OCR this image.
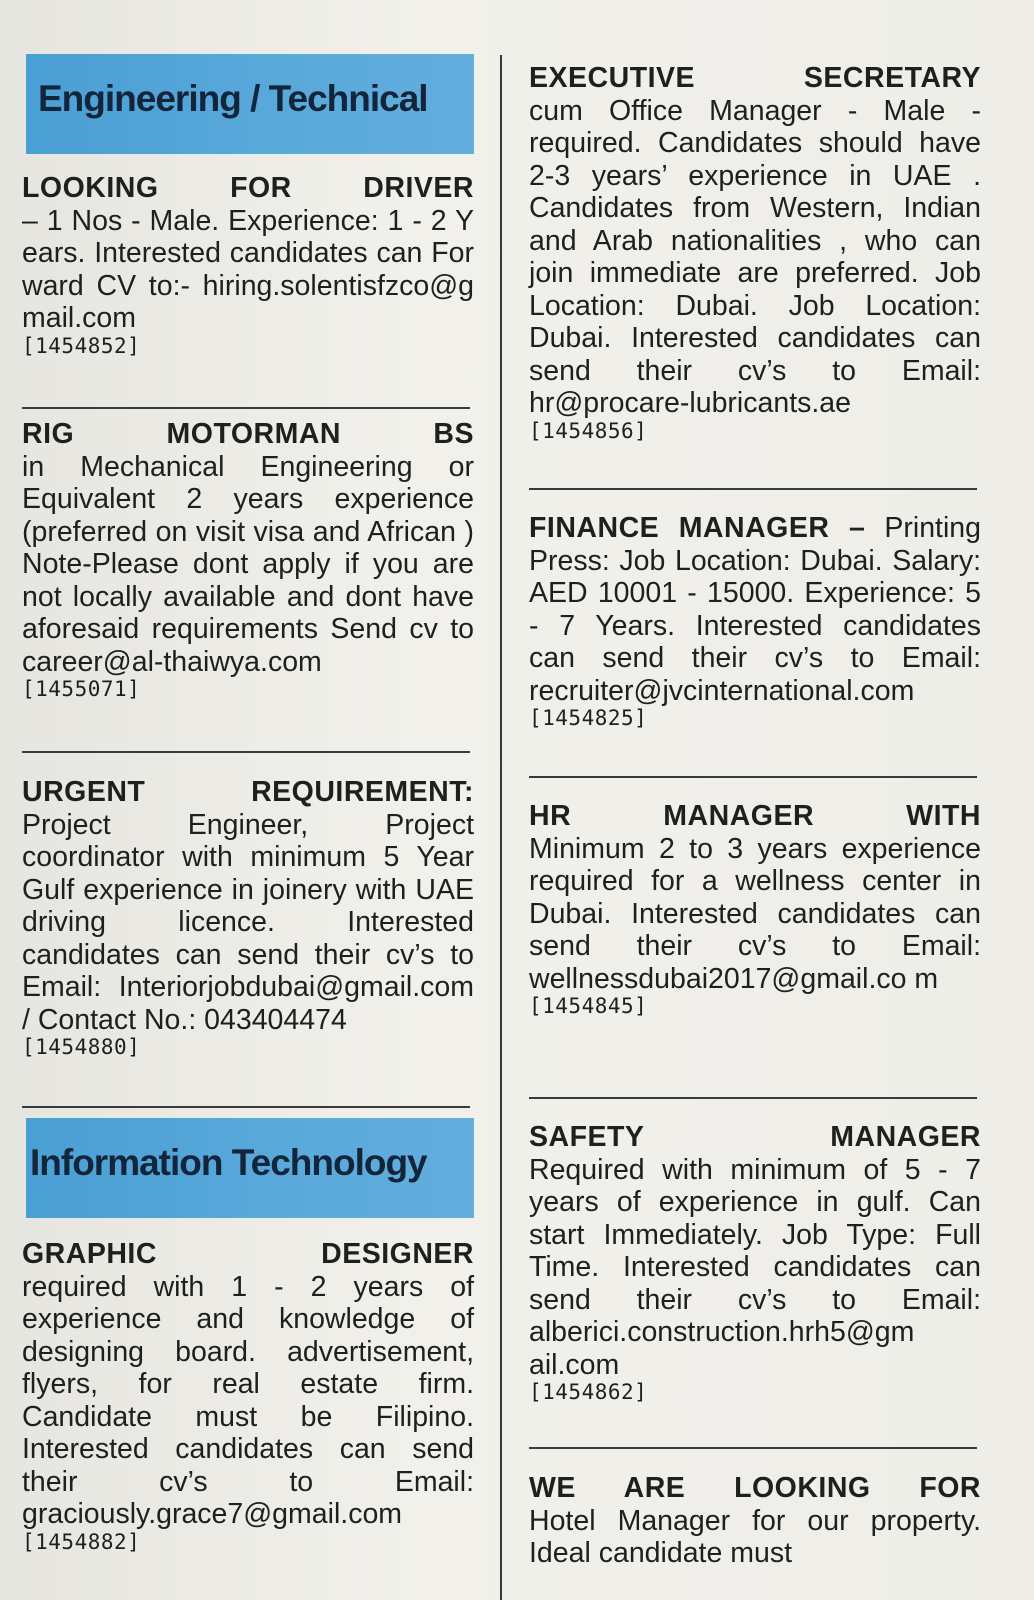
Engineering / Technical
LOOKING FOR DRIVER
– 1 Nos - Male. Experience: 1 - 2 Years. Interested candidates can Forward CV to:- hiring.solentisfzco@gmail.com
[1454852]
RIG MOTORMAN BS
in Mechanical Engineering or Equivalent 2 years experience (preferred on visit visa and African ) Note-Please dont apply if you are not locally available and dont have aforesaid requirements Send cv to career@al-thaiwya.com
[1455071]
URGENT REQUIREMENT:
Project Engineer, Project coordinator with minimum 5 Year Gulf experience in joinery with UAE driving licence. Interested candidates can send their cv’s to Email: Interiorjobdubai@gmail.com / Contact No.: 043404474
[1454880]
Information Technology
GRAPHIC DESIGNER
required with 1 - 2 years of experience and knowledge of designing board. advertisement, flyers, for real estate firm. Candidate must be Filipino. Interested candidates can send their cv’s to Email: graciously.grace7@gmail.com
[1454882]
EXECUTIVE SECRETARY
cum Office Manager - Male - required. Candidates should have 2-3 years’ experience in UAE . Candidates from Western, Indian and Arab nationalities , who can join immediate are preferred. Job Location: Dubai. Job Location: Dubai. Interested candidates can send their cv’s to Email: hr@procare-lubricants.ae
[1454856]
FINANCE MANAGER – Printing Press: Job Location: Dubai. Salary: AED 10001 - 15000. Experience: 5 - 7 Years. Interested candidates can send their cv’s to Email: recruiter@jvcinternational.com
[1454825]
HR MANAGER WITH
Minimum 2 to 3 years experience required for a wellness center in Dubai. Interested candidates can send their cv’s to Email: wellnessdubai2017@gmail.co m
[1454845]
SAFETY MANAGER
Required with minimum of 5 - 7 years of experience in gulf. Can start Immediately. Job Type: Full Time. Interested candidates can send their cv’s to Email: alberici.construction.hrh5@gm ail.com
[1454862]
WE ARE LOOKING FOR
Hotel Manager for our property. Ideal candidate must
